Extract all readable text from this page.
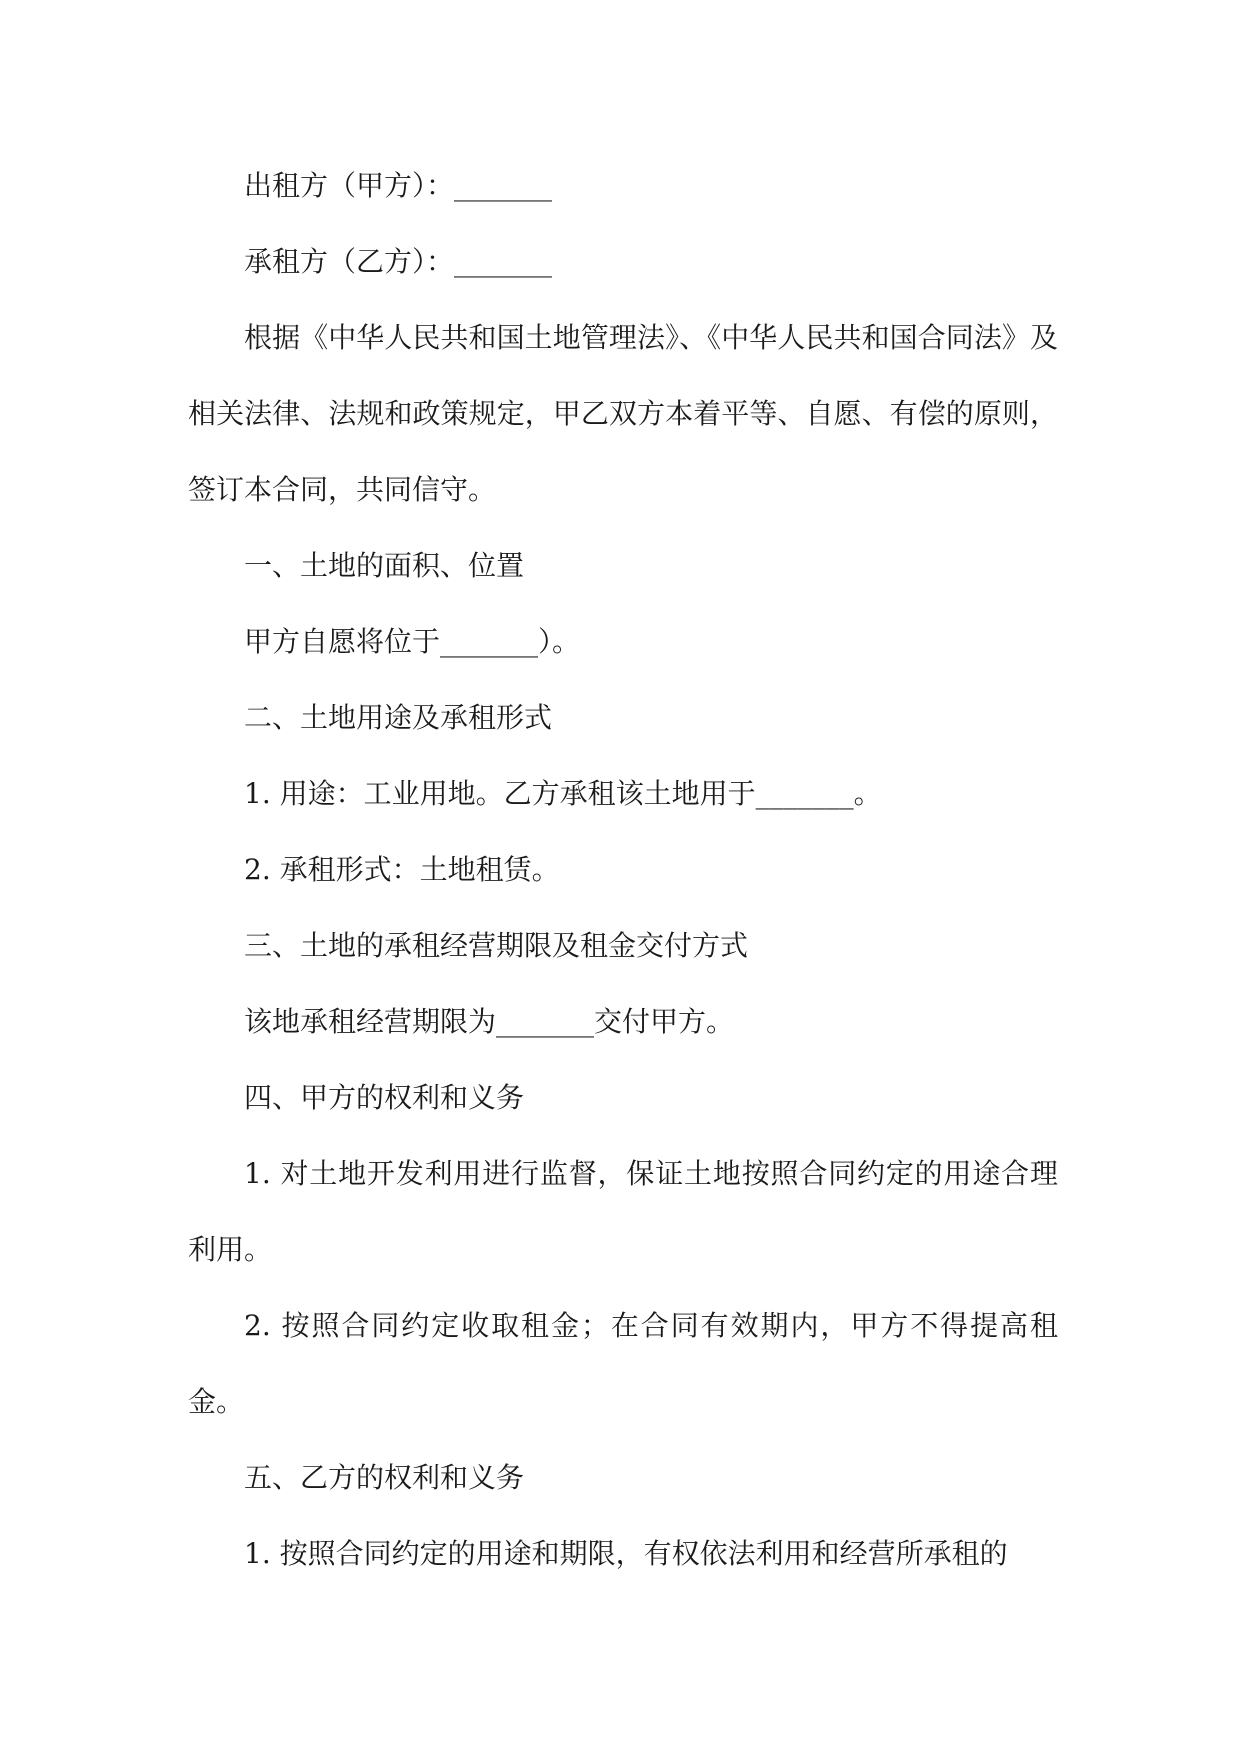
出租方（甲方）：_______

承租方（乙方）：_______

根据《中华人民共和国土地管理法》、《中华人民共和国合同法》及相关法律、法规和政策规定，甲乙双方本着平等、自愿、有偿的原则，签订本合同，共同信守。

一、土地的面积、位置

甲方自愿将位于_______）。

二、土地用途及承租形式

1. 用途：工业用地。乙方承租该土地用于_______。

2. 承租形式：土地租赁。

三、土地的承租经营期限及租金交付方式

该地承租经营期限为_______交付甲方。

四、甲方的权利和义务

1. 对土地开发利用进行监督，保证土地按照合同约定的用途合理利用。

2. 按照合同约定收取租金；在合同有效期内，甲方不得提高租金。

五、乙方的权利和义务

1. 按照合同约定的用途和期限，有权依法利用和经营所承租的
